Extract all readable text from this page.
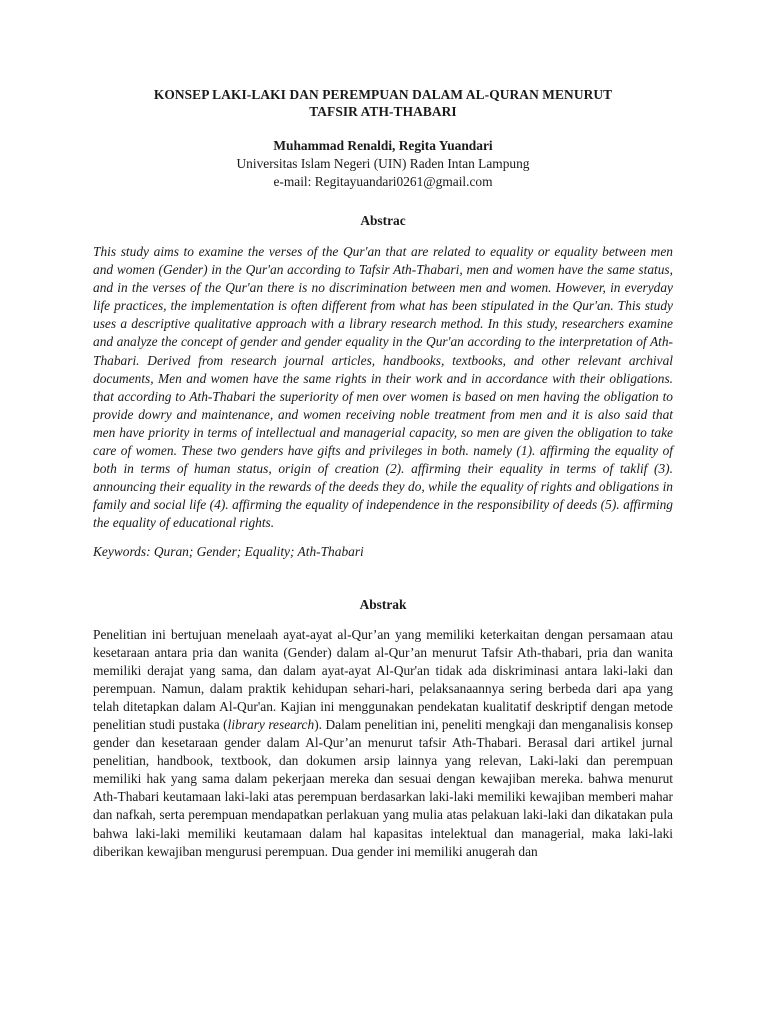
KONSEP LAKI-LAKI DAN PEREMPUAN DALAM AL-QURAN MENURUT
TAFSIR ATH-THABARI
Muhammad Renaldi, Regita Yuandari
Universitas Islam Negeri (UIN) Raden Intan Lampung
e-mail: Regitayuandari0261@gmail.com
Abstrac
This study aims to examine the verses of the Qur'an that are related to equality or equality between men and women (Gender) in the Qur'an according to Tafsir Ath-Thabari, men and women have the same status, and in the verses of the Qur'an there is no discrimination between men and women. However, in everyday life practices, the implementation is often different from what has been stipulated in the Qur'an. This study uses a descriptive qualitative approach with a library research method. In this study, researchers examine and analyze the concept of gender and gender equality in the Qur'an according to the interpretation of Ath-Thabari. Derived from research journal articles, handbooks, textbooks, and other relevant archival documents, Men and women have the same rights in their work and in accordance with their obligations. that according to Ath-Thabari the superiority of men over women is based on men having the obligation to provide dowry and maintenance, and women receiving noble treatment from men and it is also said that men have priority in terms of intellectual and managerial capacity, so men are given the obligation to take care of women. These two genders have gifts and privileges in both. namely (1). affirming the equality of both in terms of human status, origin of creation (2). affirming their equality in terms of taklif (3). announcing their equality in the rewards of the deeds they do, while the equality of rights and obligations in family and social life (4). affirming the equality of independence in the responsibility of deeds (5). affirming the equality of educational rights.
Keywords: Quran; Gender; Equality; Ath-Thabari
Abstrak
Penelitian ini bertujuan menelaah ayat-ayat al-Qur’an yang memiliki keterkaitan dengan persamaan atau kesetaraan antara pria dan wanita (Gender) dalam al-Qur’an menurut Tafsir Ath-thabari, pria dan wanita memiliki derajat yang sama, dan dalam ayat-ayat Al-Qur'an tidak ada diskriminasi antara laki-laki dan perempuan. Namun, dalam praktik kehidupan sehari-hari, pelaksanaannya sering berbeda dari apa yang telah ditetapkan dalam Al-Qur'an. Kajian ini menggunakan pendekatan kualitatif deskriptif dengan metode penelitian studi pustaka (library research). Dalam penelitian ini, peneliti mengkaji dan menganalisis konsep gender dan kesetaraan gender dalam Al-Qur’an menurut tafsir Ath-Thabari. Berasal dari artikel jurnal penelitian, handbook, textbook, dan dokumen arsip lainnya yang relevan, Laki-laki dan perempuan memiliki hak yang sama dalam pekerjaan mereka dan sesuai dengan kewajiban mereka. bahwa menurut Ath-Thabari keutamaan laki-laki atas perempuan berdasarkan laki-laki memiliki kewajiban memberi mahar dan nafkah, serta perempuan mendapatkan perlakuan yang mulia atas pelakuan laki-laki dan dikatakan pula bahwa laki-laki memiliki keutamaan dalam hal kapasitas intelektual dan managerial, maka laki-laki diberikan kewajiban mengurusi perempuan. Dua gender ini memiliki anugerah dan
